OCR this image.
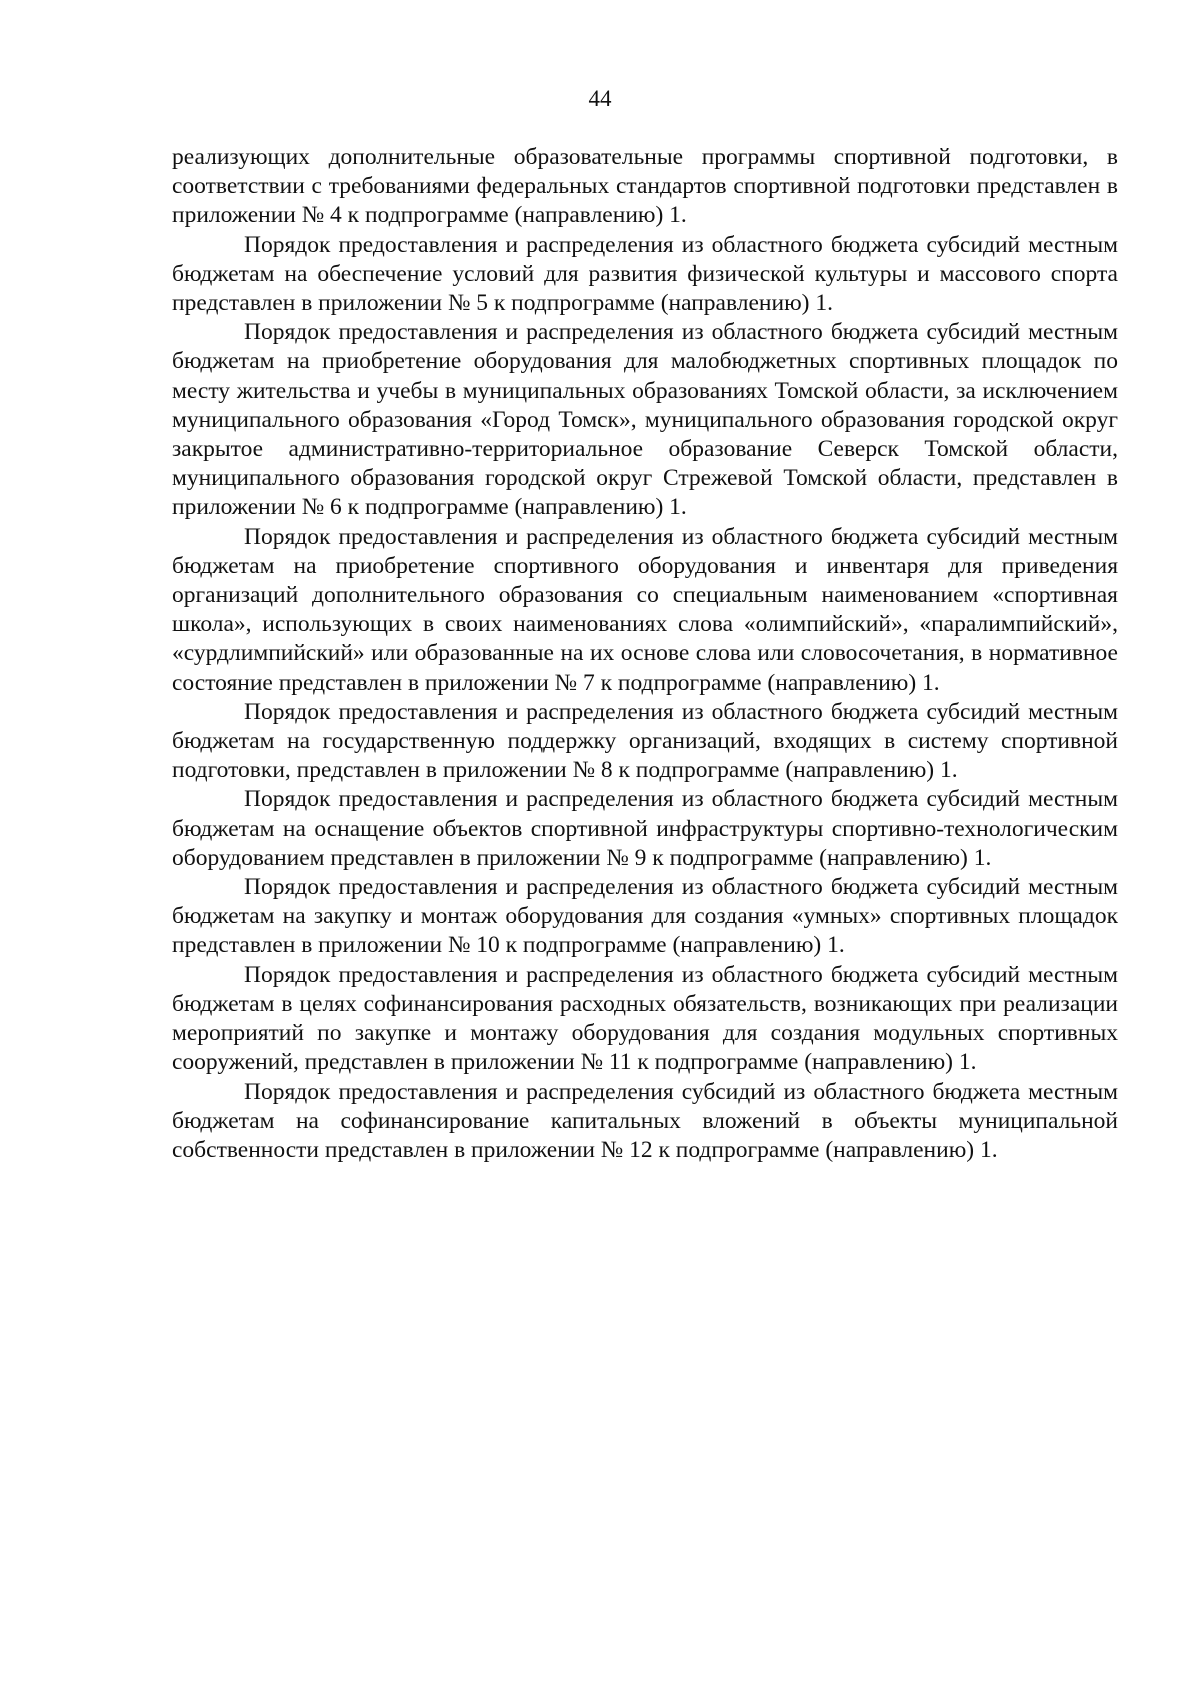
44

реализующих дополнительные образовательные программы спортивной подготовки, в соответствии с требованиями федеральных стандартов спортивной подготовки представлен в приложении № 4 к подпрограмме (направлению) 1.

Порядок предоставления и распределения из областного бюджета субсидий местным бюджетам на обеспечение условий для развития физической культуры и массового спорта представлен в приложении № 5 к подпрограмме (направлению) 1.

Порядок предоставления и распределения из областного бюджета субсидий местным бюджетам на приобретение оборудования для малобюджетных спортивных площадок по месту жительства и учебы в муниципальных образованиях Томской области, за исключением муниципального образования «Город Томск», муниципального образования городской округ закрытое административно-территориальное образование Северск Томской области, муниципального образования городской округ Стрежевой Томской области, представлен в приложении № 6 к подпрограмме (направлению) 1.

Порядок предоставления и распределения из областного бюджета субсидий местным бюджетам на приобретение спортивного оборудования и инвентаря для приведения организаций дополнительного образования со специальным наименованием «спортивная школа», использующих в своих наименованиях слова «олимпийский», «паралимпийский», «сурдлимпийский» или образованные на их основе слова или словосочетания, в нормативное состояние представлен в приложении № 7 к подпрограмме (направлению) 1.

Порядок предоставления и распределения из областного бюджета субсидий местным бюджетам на государственную поддержку организаций, входящих в систему спортивной подготовки, представлен в приложении № 8 к подпрограмме (направлению) 1.

Порядок предоставления и распределения из областного бюджета субсидий местным бюджетам на оснащение объектов спортивной инфраструктуры спортивно-технологическим оборудованием представлен в приложении № 9 к подпрограмме (направлению) 1.

Порядок предоставления и распределения из областного бюджета субсидий местным бюджетам на закупку и монтаж оборудования для создания «умных» спортивных площадок представлен в приложении № 10 к подпрограмме (направлению) 1.

Порядок предоставления и распределения из областного бюджета субсидий местным бюджетам в целях софинансирования расходных обязательств, возникающих при реализации мероприятий по закупке и монтажу оборудования для создания модульных спортивных сооружений, представлен в приложении № 11 к подпрограмме (направлению) 1.

Порядок предоставления и распределения субсидий из областного бюджета местным бюджетам на софинансирование капитальных вложений в объекты муниципальной собственности представлен в приложении № 12 к подпрограмме (направлению) 1.
